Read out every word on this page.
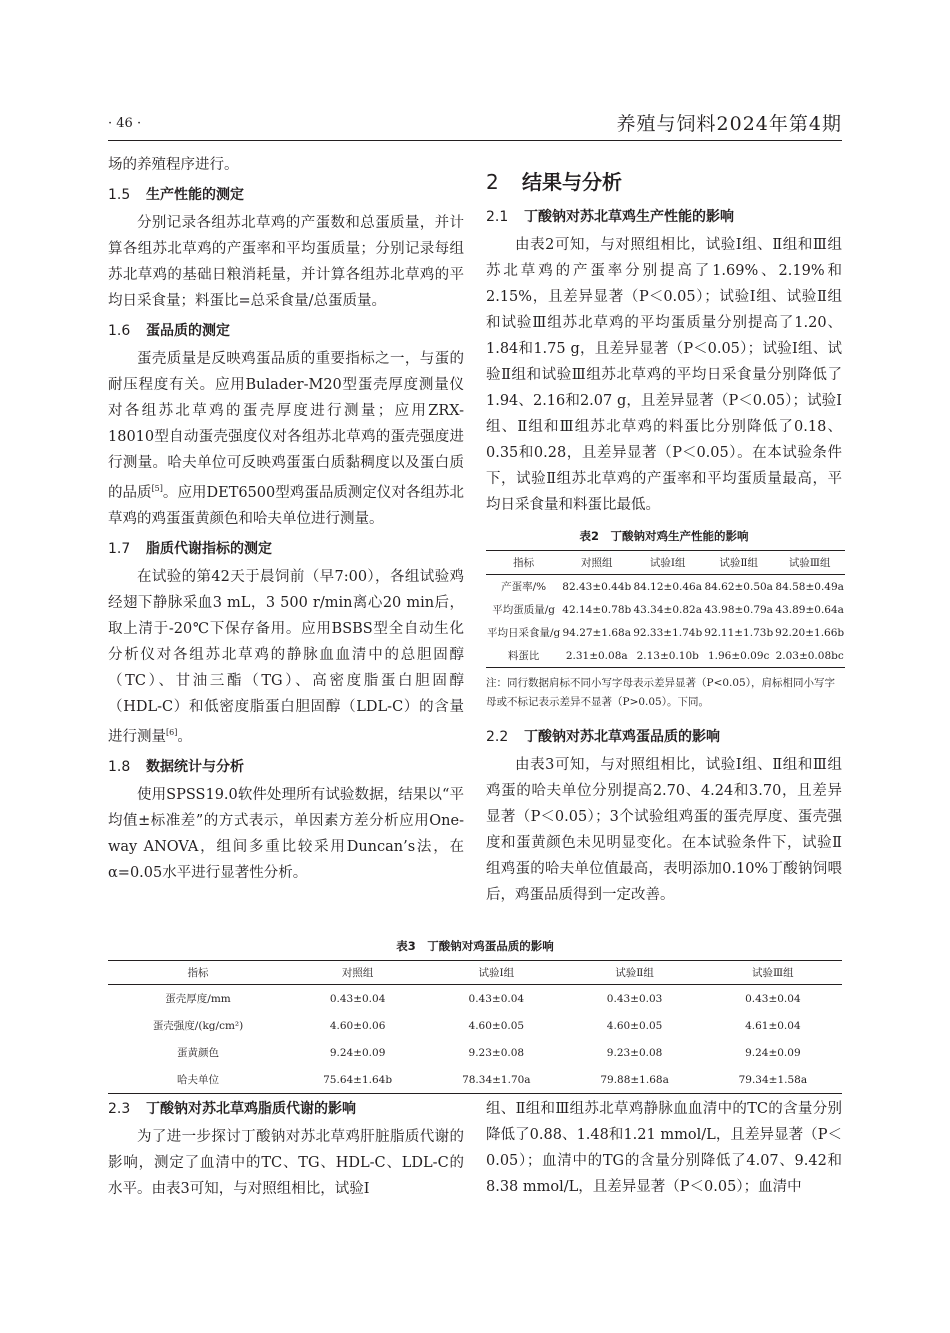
· 46 ·	养殖与饲料2024年第4期

场的养殖程序进行。

1.5 生产性能的测定

分别记录各组苏北草鸡的产蛋数和总蛋质量，并计算各组苏北草鸡的产蛋率和平均蛋质量；分别记录每组苏北草鸡的基础日粮消耗量，并计算各组苏北草鸡的平均日采食量；料蛋比=总采食量/总蛋质量。

1.6 蛋品质的测定

蛋壳质量是反映鸡蛋品质的重要指标之一，与蛋的耐压程度有关。应用Bulader-M20型蛋壳厚度测量仪对各组苏北草鸡的蛋壳厚度进行测量；应用ZRX-18010型自动蛋壳强度仪对各组苏北草鸡的蛋壳强度进行测量。哈夫单位可反映鸡蛋蛋白质黏稠度以及蛋白质的品质[5]。应用DET6500型鸡蛋品质测定仪对各组苏北草鸡的鸡蛋蛋黄颜色和哈夫单位进行测量。

1.7 脂质代谢指标的测定

在试验的第42天于晨饲前（早7:00），各组试验鸡经翅下静脉采血3 mL，3 500 r/min离心20 min后，取上清于-20℃下保存备用。应用BSBS型全自动生化分析仪对各组苏北草鸡的静脉血血清中的总胆固醇（TC）、甘油三酯（TG）、高密度脂蛋白胆固醇（HDL-C）和低密度脂蛋白胆固醇（LDL-C）的含量进行测量[6]。

1.8 数据统计与分析

使用SPSS19.0软件处理所有试验数据，结果以“平均值±标准差”的方式表示，单因素方差分析应用One-way ANOVA，组间多重比较采用Duncan’s法，在α=0.05水平进行显著性分析。

2 结果与分析
2.1 丁酸钠对苏北草鸡生产性能的影响

由表2可知，与对照组相比，试验Ⅰ组、Ⅱ组和Ⅲ组苏北草鸡的产蛋率分别提高了1.69%、2.19%和2.15%，且差异显著（P＜0.05）；试验Ⅰ组、试验Ⅱ组和试验Ⅲ组苏北草鸡的平均蛋质量分别提高了1.20、1.84和1.75 g，且差异显著（P＜0.05）；试验Ⅰ组、试验Ⅱ组和试验Ⅲ组苏北草鸡的平均日采食量分别降低了1.94、2.16和2.07 g，且差异显著（P＜0.05）；试验Ⅰ组、Ⅱ组和Ⅲ组苏北草鸡的料蛋比分别降低了0.18、0.35和0.28，且差异显著（P＜0.05）。在本试验条件下，试验Ⅱ组苏北草鸡的产蛋率和平均蛋质量最高，平均日采食量和料蛋比最低。

表2　丁酸钠对鸡生产性能的影响
指标	对照组	试验Ⅰ组	试验Ⅱ组	试验Ⅲ组
产蛋率/%	82.43±0.44b	84.12±0.46a	84.62±0.50a	84.58±0.49a
平均蛋质量/g	42.14±0.78b	43.34±0.82a	43.98±0.79a	43.89±0.64a
平均日采食量/g	94.27±1.68a	92.33±1.74b	92.11±1.73b	92.20±1.66b
料蛋比	2.31±0.08a	2.13±0.10b	1.96±0.09c	2.03±0.08bc
注：同行数据肩标不同小写字母表示差异显著（P<0.05），肩标相同小写字母或不标记表示差异不显著（P>0.05）。下同。
2.2 丁酸钠对苏北草鸡蛋品质的影响

由表3可知，与对照组相比，试验Ⅰ组、Ⅱ组和Ⅲ组鸡蛋的哈夫单位分别提高2.70、4.24和3.70，且差异显著（P＜0.05）；3个试验组鸡蛋的蛋壳厚度、蛋壳强度和蛋黄颜色未见明显变化。在本试验条件下，试验Ⅱ组鸡蛋的哈夫单位值最高，表明添加0.10%丁酸钠饲喂后，鸡蛋品质得到一定改善。

表3　丁酸钠对鸡蛋品质的影响
指标	对照组	试验Ⅰ组	试验Ⅱ组	试验Ⅲ组
蛋壳厚度/mm	0.43±0.04	0.43±0.04	0.43±0.03	0.43±0.04
蛋壳强度/(kg/cm²)	4.60±0.06	4.60±0.05	4.60±0.05	4.61±0.04
蛋黄颜色	9.24±0.09	9.23±0.08	9.23±0.08	9.24±0.09
哈夫单位	75.64±1.64b	78.34±1.70a	79.88±1.68a	79.34±1.58a
2.3 丁酸钠对苏北草鸡脂质代谢的影响

为了进一步探讨丁酸钠对苏北草鸡肝脏脂质代谢的影响，测定了血清中的TC、TG、HDL-C、LDL-C的水平。由表3可知，与对照组相比，试验Ⅰ

组、Ⅱ组和Ⅲ组苏北草鸡静脉血血清中的TC的含量分别降低了0.88、1.48和1.21 mmol/L，且差异显著（P＜0.05）；血清中的TG的含量分别降低了4.07、9.42和8.38 mmol/L，且差异显著（P＜0.05）；血清中
